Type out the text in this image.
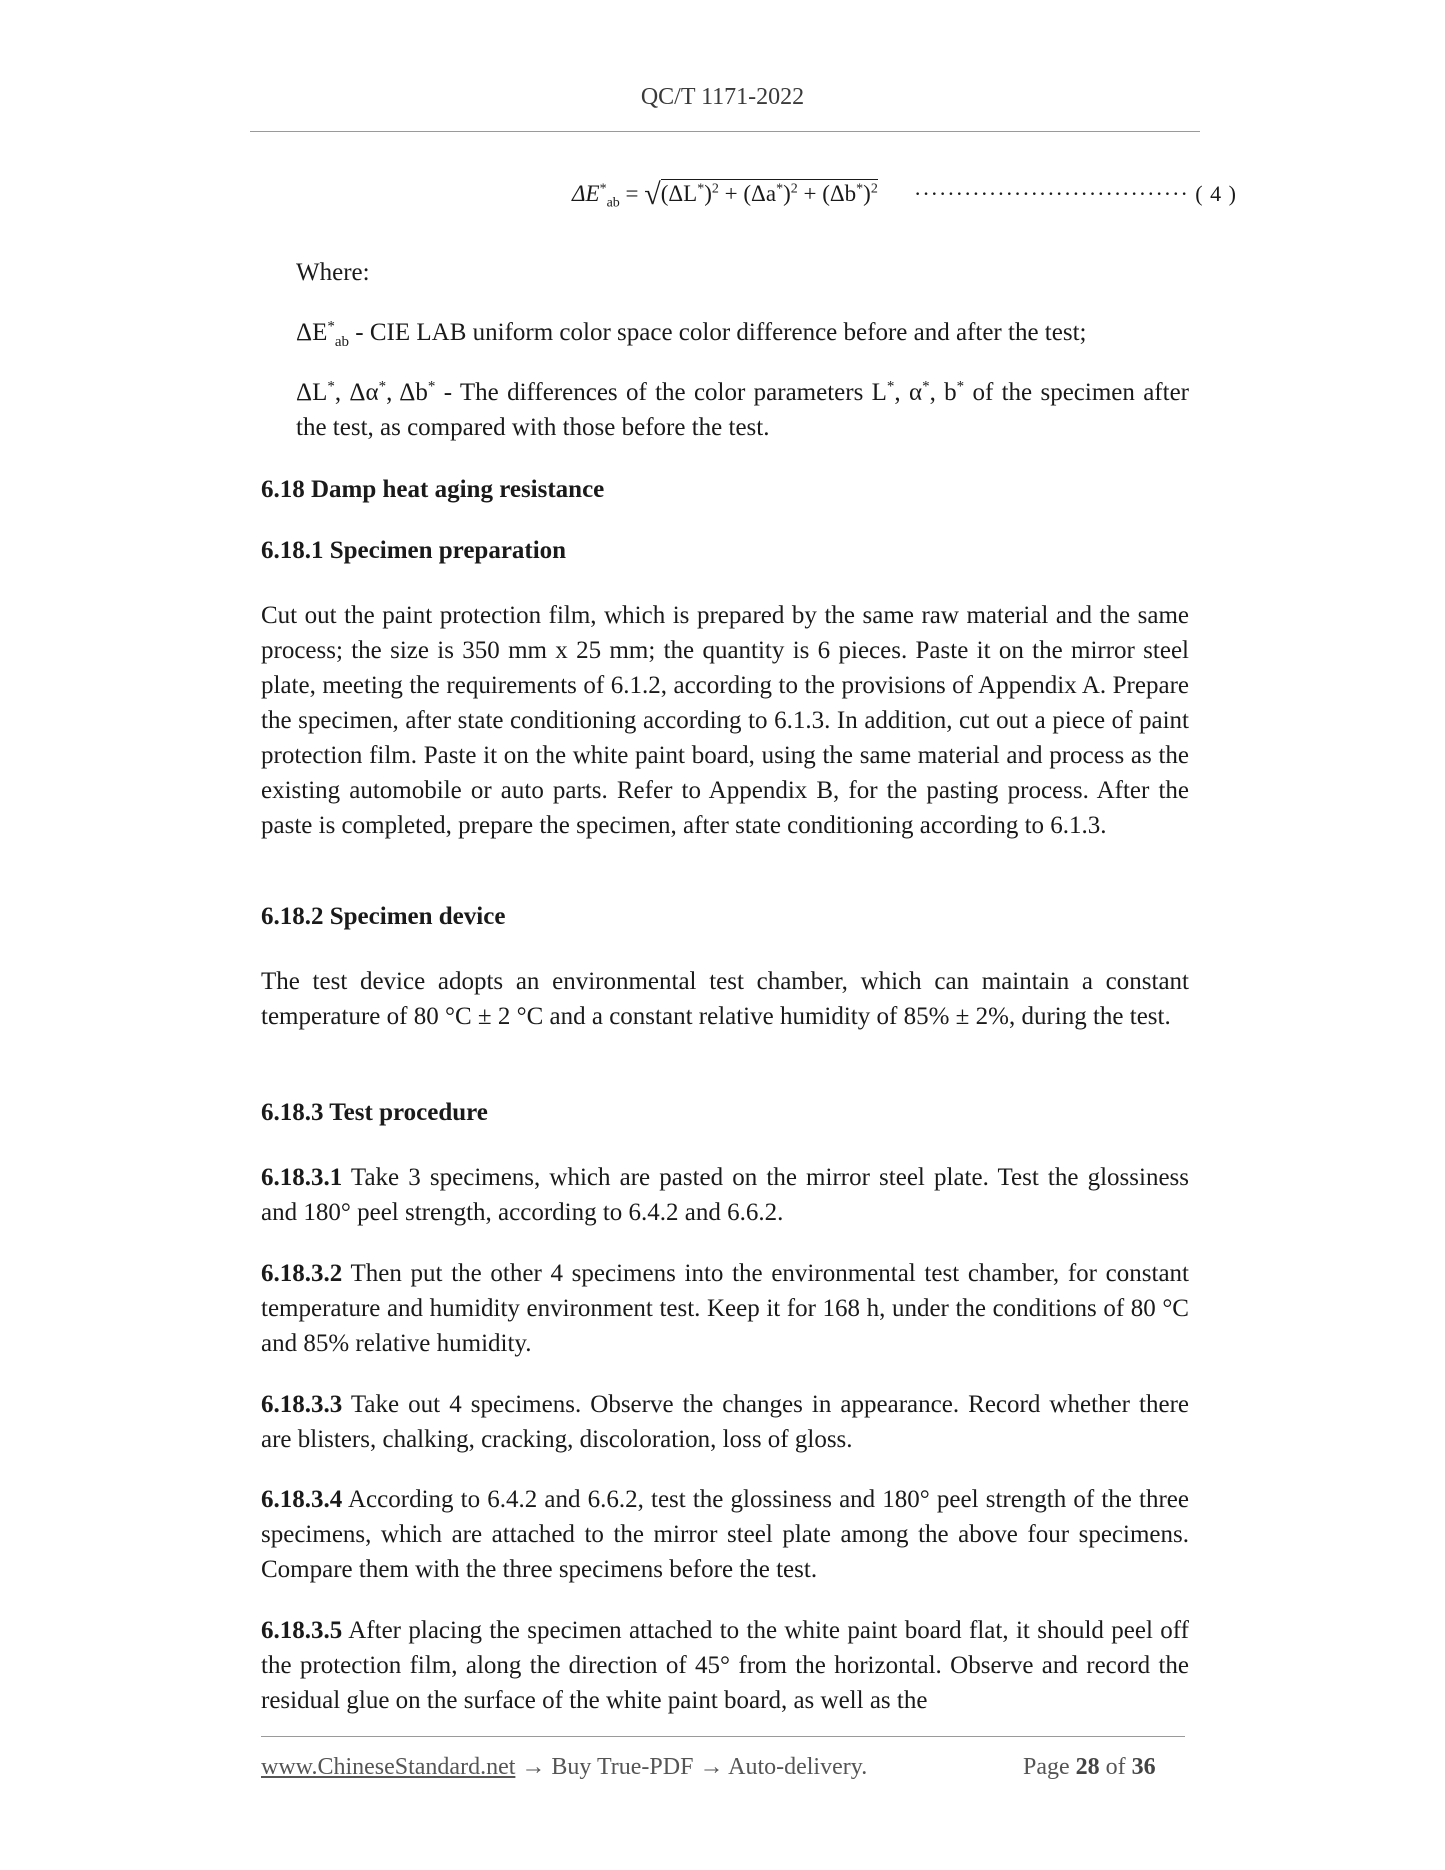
QC/T 1171-2022
$\Delta E^*_{ab} = √(\Delta L^*)^2 + (\Delta a^*)^2 + (\Delta b^*)^2$ ································· ( 4 )

Where:

$\Delta E^*_{ab}$ - CIE LAB uniform color space color difference before and after the test;

ΔL*, Δα*, Δb* - The differences of the color parameters L*, α*, b* of the specimen after the test, as compared with those before the test.

6.18 Damp heat aging resistance
6.18.1 Specimen preparation

Cut out the paint protection film, which is prepared by the same raw material and the same process; the size is 350 mm x 25 mm; the quantity is 6 pieces. Paste it on the mirror steel plate, meeting the requirements of 6.1.2, according to the provisions of Appendix A. Prepare the specimen, after state conditioning according to 6.1.3. In addition, cut out a piece of paint protection film. Paste it on the white paint board, using the same material and process as the existing automobile or auto parts. Refer to Appendix B, for the pasting process. After the paste is completed, prepare the specimen, after state conditioning according to 6.1.3.

6.18.2 Specimen device

The test device adopts an environmental test chamber, which can maintain a constant temperature of 80 °C ± 2 °C and a constant relative humidity of 85% ± 2%, during the test.

6.18.3 Test procedure

6.18.3.1 Take 3 specimens, which are pasted on the mirror steel plate. Test the glossiness and 180° peel strength, according to 6.4.2 and 6.6.2.

6.18.3.2 Then put the other 4 specimens into the environmental test chamber, for constant temperature and humidity environment test. Keep it for 168 h, under the conditions of 80 °C and 85% relative humidity.

6.18.3.3 Take out 4 specimens. Observe the changes in appearance. Record whether there are blisters, chalking, cracking, discoloration, loss of gloss.

6.18.3.4 According to 6.4.2 and 6.6.2, test the glossiness and 180° peel strength of the three specimens, which are attached to the mirror steel plate among the above four specimens. Compare them with the three specimens before the test.

6.18.3.5 After placing the specimen attached to the white paint board flat, it should peel off the protection film, along the direction of 45° from the horizontal. Observe and record the residual glue on the surface of the white paint board, as well as the

www.ChineseStandard.net → Buy True-PDF → Auto-delivery.	Page 28 of 36
